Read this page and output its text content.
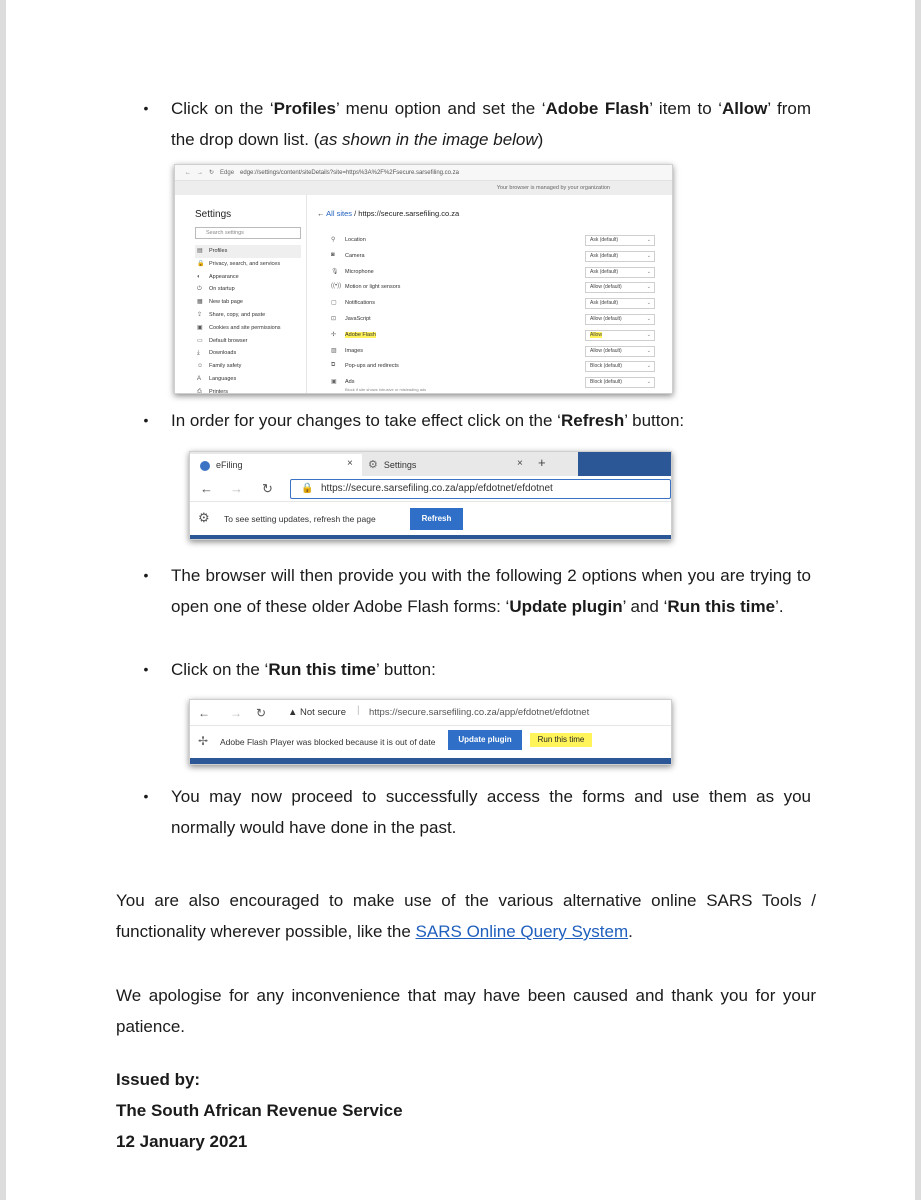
• Click on the ‘Profiles’ menu option and set the ‘Adobe Flash’ item to ‘Allow’ from the drop down list. (as shown in the image below)
← → ↻ Edge edge://settings/content/siteDetails?site=https%3A%2F%2Fsecure.sarsefiling.co.za
Your browser is managed by your organization
Settings
Search settings
▤ Profiles
🔒 Privacy, search, and services
◐ Appearance
⏻ On startup
▦ New tab page
⇪ Share, copy, and paste
▣ Cookies and site permissions
▭ Default browser
⤓ Downloads
☺ Family safety
A Languages
⎙ Printers
← All sites / https://secure.sarsefiling.co.za
⚲ Location	Ask (default)	⌄
◙ Camera	Ask (default)	⌄
🎙 Microphone	Ask (default)	⌄
((•)) Motion or light sensors	Allow (default)	⌄
▢ Notifications	Ask (default)	⌄
⊡ JavaScript	Allow (default)	⌄
✢ Adobe Flash	Allow	⌄
▨ Images	Allow (default)	⌄
⧉ Pop-ups and redirects	Block (default)	⌄
▣ Ads	Block (default)	⌄
Block if site shows intrusive or misleading ads
• In order for your changes to take effect click on the ‘Refresh’ button:
eFiling	× ⚙ Settings	× +
← → ↻	🔒 https://secure.sarsefiling.co.za/app/efdotnet/efdotnet
⚙ To see setting updates, refresh the page	Refresh
• The browser will then provide you with the following 2 options when you are trying to open one of these older Adobe Flash forms: ‘Update plugin’ and ‘Run this time’.
• Click on the ‘Run this time’ button:
← → ↻ ▲ Not secure | https://secure.sarsefiling.co.za/app/efdotnet/efdotnet
✢ Adobe Flash Player was blocked because it is out of date	Update plugin	Run this time
• You may now proceed to successfully access the forms and use them as you normally would have done in the past.
You are also encouraged to make use of the various alternative online SARS Tools / functionality wherever possible, like the SARS Online Query System.
We apologise for any inconvenience that may have been caused and thank you for your patience.
Issued by:
The South African Revenue Service
12 January 2021
